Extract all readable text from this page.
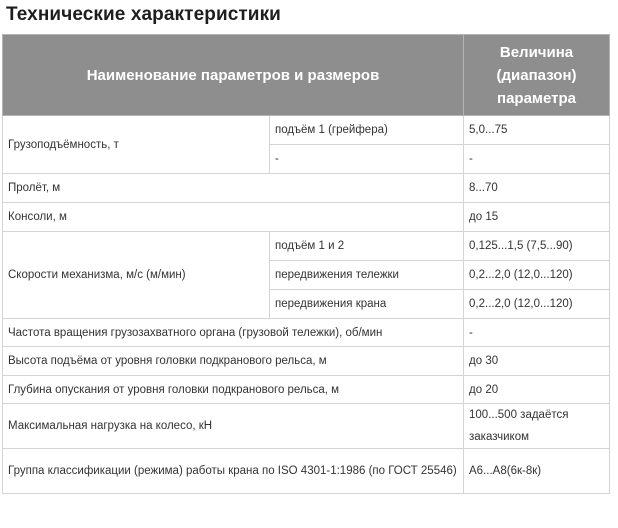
Технические характеристики
Наименование параметров и размеров		Величина
(диапазон)
параметра

Грузоподъёмность, т	подъём 1 (грейфера)	5,0...75
	-	-
Пролёт, м		8...70
Консоли, м		до 15
Скорости механизма, м/с (м/мин)	подъём 1 и 2	0,125...1,5 (7,5...90)
	передвижения тележки	0,2...2,0 (12,0...120)
	передвижения крана	0,2...2,0 (12,0...120)
Частота вращения грузозахватного органа (грузовой тележки), об/мин		-
Высота подъёма от уровня головки подкранового рельса, м		до 30
Глубина опускания от уровня головки подкранового рельса, м		до 20
Максимальная нагрузка на колесо, кН		100...500 задаётся заказчиком
Группа классификации (режима) работы крана по ISO 4301-1:1986 (по ГОСТ 25546)		А6...А8(6к-8к)
